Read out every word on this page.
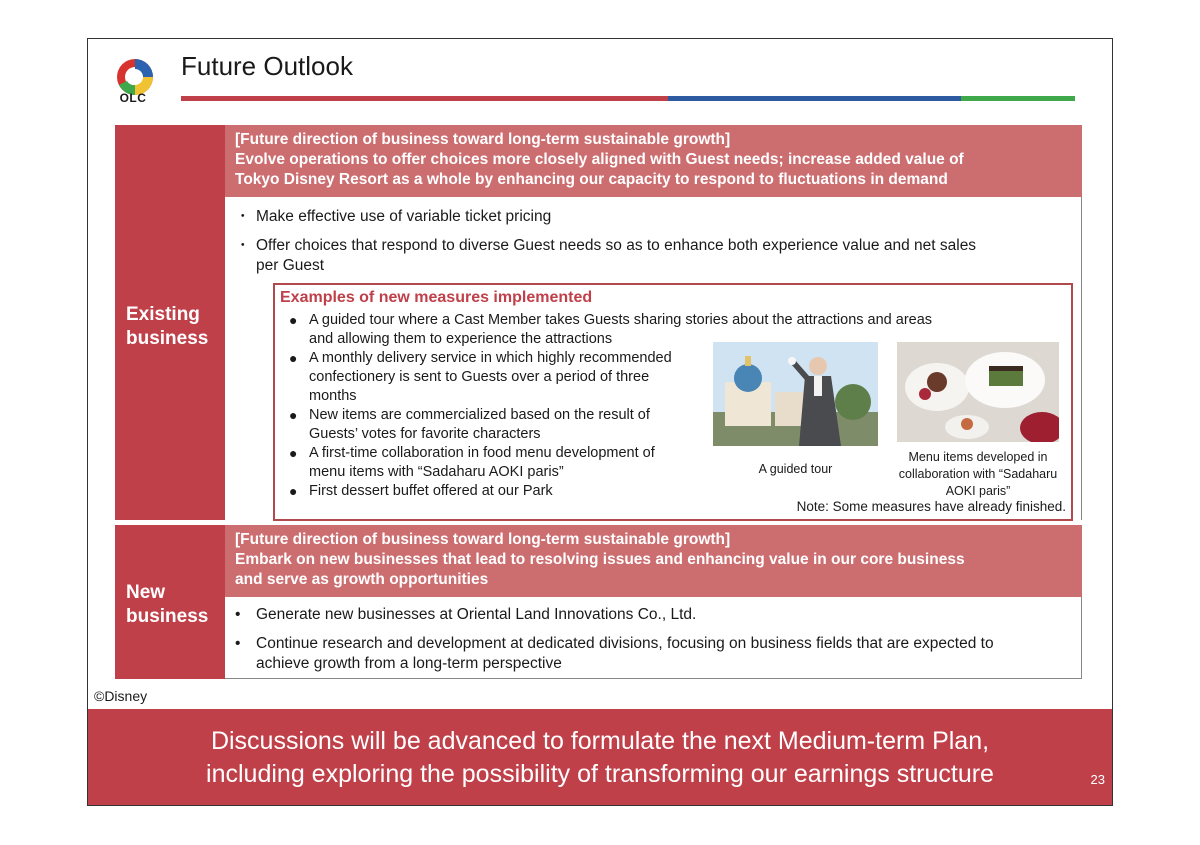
OLC
Future Outlook
Existing
business
[Future direction of business toward long-term sustainable growth]
Evolve operations to offer choices more closely aligned with Guest needs; increase added value of
Tokyo Disney Resort as a whole by enhancing our capacity to respond to fluctuations in demand
・ Make effective use of variable ticket pricing
・ Offer choices that respond to diverse Guest needs so as to enhance both experience value and net sales
per Guest
Examples of new measures implemented
● A guided tour where a Cast Member takes Guests sharing stories about the attractions and areas
and allowing them to experience the attractions
● A monthly delivery service in which highly recommended
confectionery is sent to Guests over a period of three
months
● New items are commercialized based on the result of
Guests’ votes for favorite characters
● A first-time collaboration in food menu development of
menu items with “Sadaharu AOKI paris”
● First dessert buffet offered at our Park
A guided tour
Menu items developed in
collaboration with “Sadaharu
AOKI paris”
Note: Some measures have already finished.
New
business
[Future direction of business toward long-term sustainable growth]
Embark on new businesses that lead to resolving issues and enhancing value in our core business
and serve as growth opportunities
•	Generate new businesses at Oriental Land Innovations Co., Ltd.
•	Continue research and development at dedicated divisions, focusing on business fields that are expected to
achieve growth from a long-term perspective
©Disney
Discussions will be advanced to formulate the next Medium-term Plan,
including exploring the possibility of transforming our earnings structure	23
